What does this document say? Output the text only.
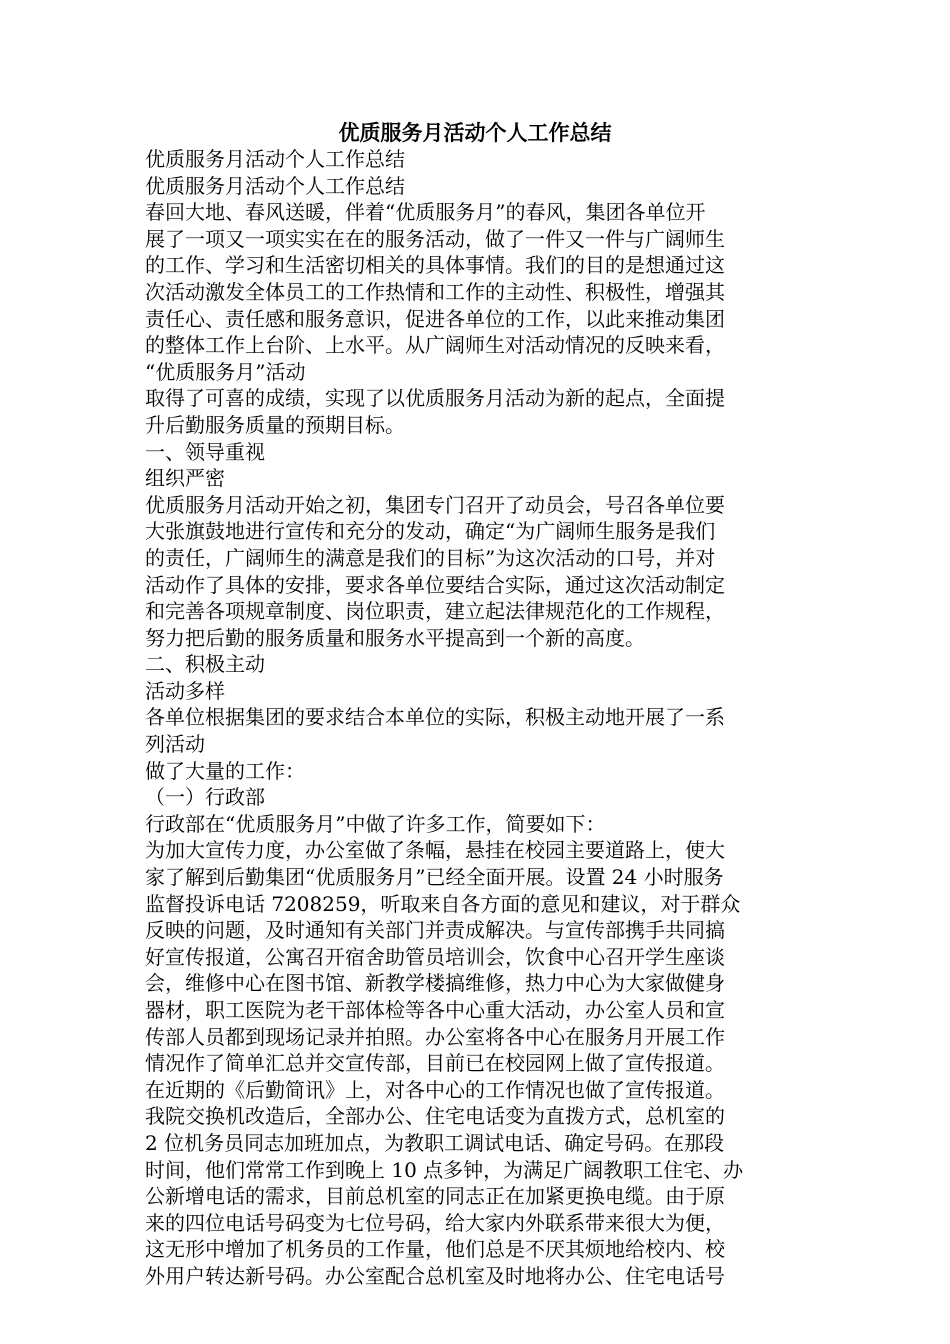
优质服务月活动个人工作总结

优质服务月活动个人工作总结

优质服务月活动个人工作总结

春回大地、春风送暖，伴着“优质服务月”的春风，集团各单位开

展了一项又一项实实在在的服务活动，做了一件又一件与广阔师生

的工作、学习和生活密切相关的具体事情。我们的目的是想通过这

次活动激发全体员工的工作热情和工作的主动性、积极性，增强其

责任心、责任感和服务意识，促进各单位的工作，以此来推动集团

的整体工作上台阶、上水平。从广阔师生对活动情况的反映来看，

“优质服务月”活动

取得了可喜的成绩，实现了以优质服务月活动为新的起点，全面提

升后勤服务质量的预期目标。

一、领导重视

组织严密

优质服务月活动开始之初，集团专门召开了动员会，号召各单位要

大张旗鼓地进行宣传和充分的发动，确定“为广阔师生服务是我们

的责任，广阔师生的满意是我们的目标”为这次活动的口号，并对

活动作了具体的安排，要求各单位要结合实际，通过这次活动制定

和完善各项规章制度、岗位职责，建立起法律规范化的工作规程，

努力把后勤的服务质量和服务水平提高到一个新的高度。

二、积极主动

活动多样

各单位根据集团的要求结合本单位的实际，积极主动地开展了一系

列活动

做了大量的工作：

（一）行政部

行政部在“优质服务月”中做了许多工作，简要如下：

为加大宣传力度，办公室做了条幅，悬挂在校园主要道路上，使大

家了解到后勤集团“优质服务月”已经全面开展。设置 24 小时服务

监督投诉电话 7208259，听取来自各方面的意见和建议，对于群众

反映的问题，及时通知有关部门并责成解决。与宣传部携手共同搞

好宣传报道，公寓召开宿舍助管员培训会，饮食中心召开学生座谈

会，维修中心在图书馆、新教学楼搞维修，热力中心为大家做健身

器材，职工医院为老干部体检等各中心重大活动，办公室人员和宣

传部人员都到现场记录并拍照。办公室将各中心在服务月开展工作

情况作了简单汇总并交宣传部，目前已在校园网上做了宣传报道。

在近期的《后勤简讯》上，对各中心的工作情况也做了宣传报道。

我院交换机改造后，全部办公、住宅电话变为直拨方式，总机室的

2 位机务员同志加班加点，为教职工调试电话、确定号码。在那段

时间，他们常常工作到晚上 10 点多钟，为满足广阔教职工住宅、办

公新增电话的需求，目前总机室的同志正在加紧更换电缆。由于原

来的四位电话号码变为七位号码，给大家内外联系带来很大为便，

这无形中增加了机务员的工作量，他们总是不厌其烦地给校内、校

外用户转达新号码。办公室配合总机室及时地将办公、住宅电话号
